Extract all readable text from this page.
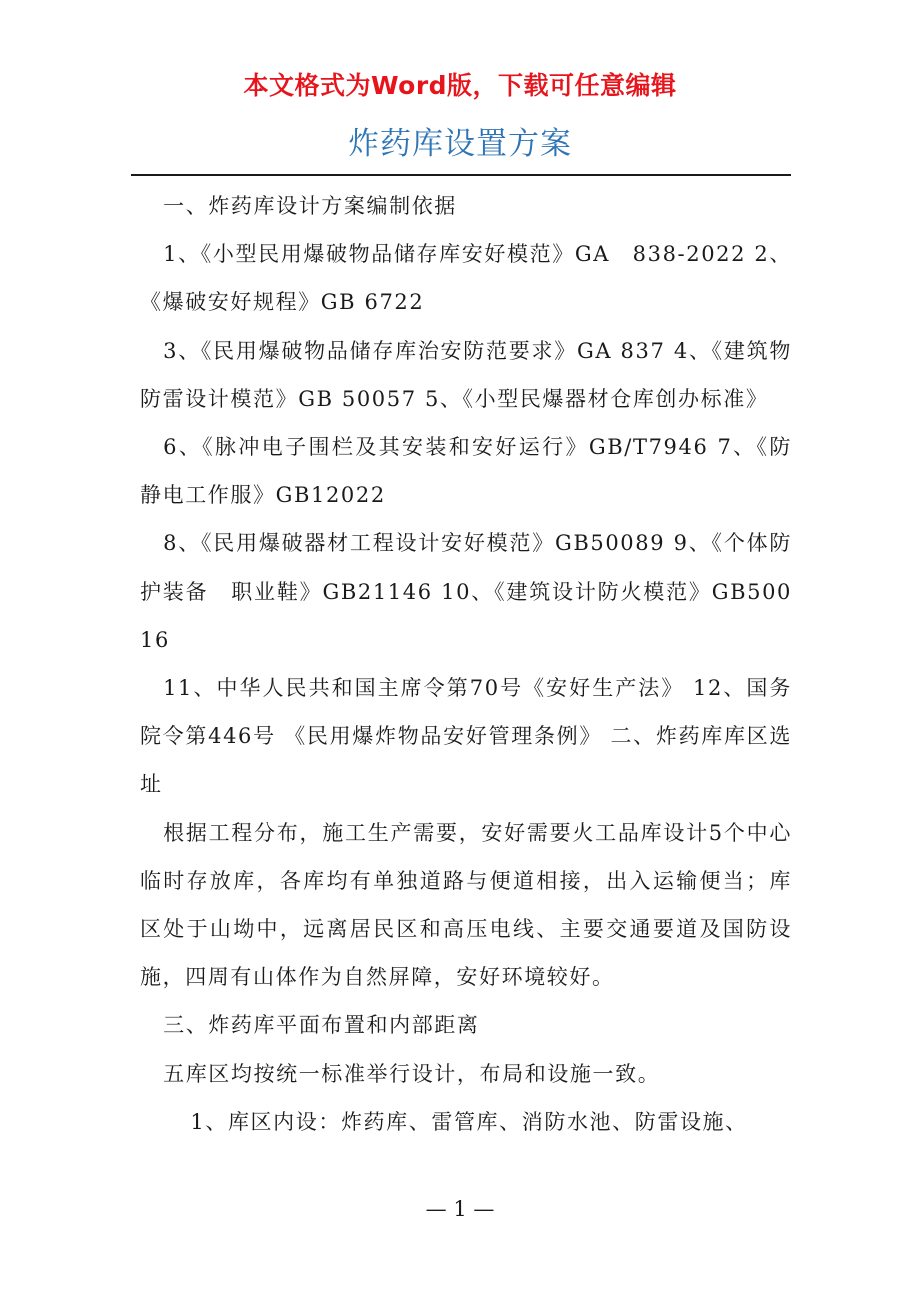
本文格式为Word版，下载可任意编辑
炸药库设置方案

一、炸药库设计方案编制依据

1、《小型民用爆破物品储存库安好模范》GA　838-2022 2、《爆破安好规程》GB 6722

3、《民用爆破物品储存库治安防范要求》GA 837 4、《建筑物防雷设计模范》GB 50057 5、《小型民爆器材仓库创办标准》

6、《脉冲电子围栏及其安装和安好运行》GB/T7946 7、《防静电工作服》GB12022

8、《民用爆破器材工程设计安好模范》GB50089 9、《个体防护装备　职业鞋》GB21146 10、《建筑设计防火模范》GB50016

11、中华人民共和国主席令第70号《安好生产法》 12、国务院令第446号 《民用爆炸物品安好管理条例》 二、炸药库库区选址

根据工程分布，施工生产需要，安好需要火工品库设计5个中心临时存放库，各库均有单独道路与便道相接，出入运输便当；库区处于山坳中，远离居民区和高压电线、主要交通要道及国防设施，四周有山体作为自然屏障，安好环境较好。

三、炸药库平面布置和内部距离

五库区均按统一标准举行设计，布局和设施一致。

1、库区内设：炸药库、雷管库、消防水池、防雷设施、

— 1 —
